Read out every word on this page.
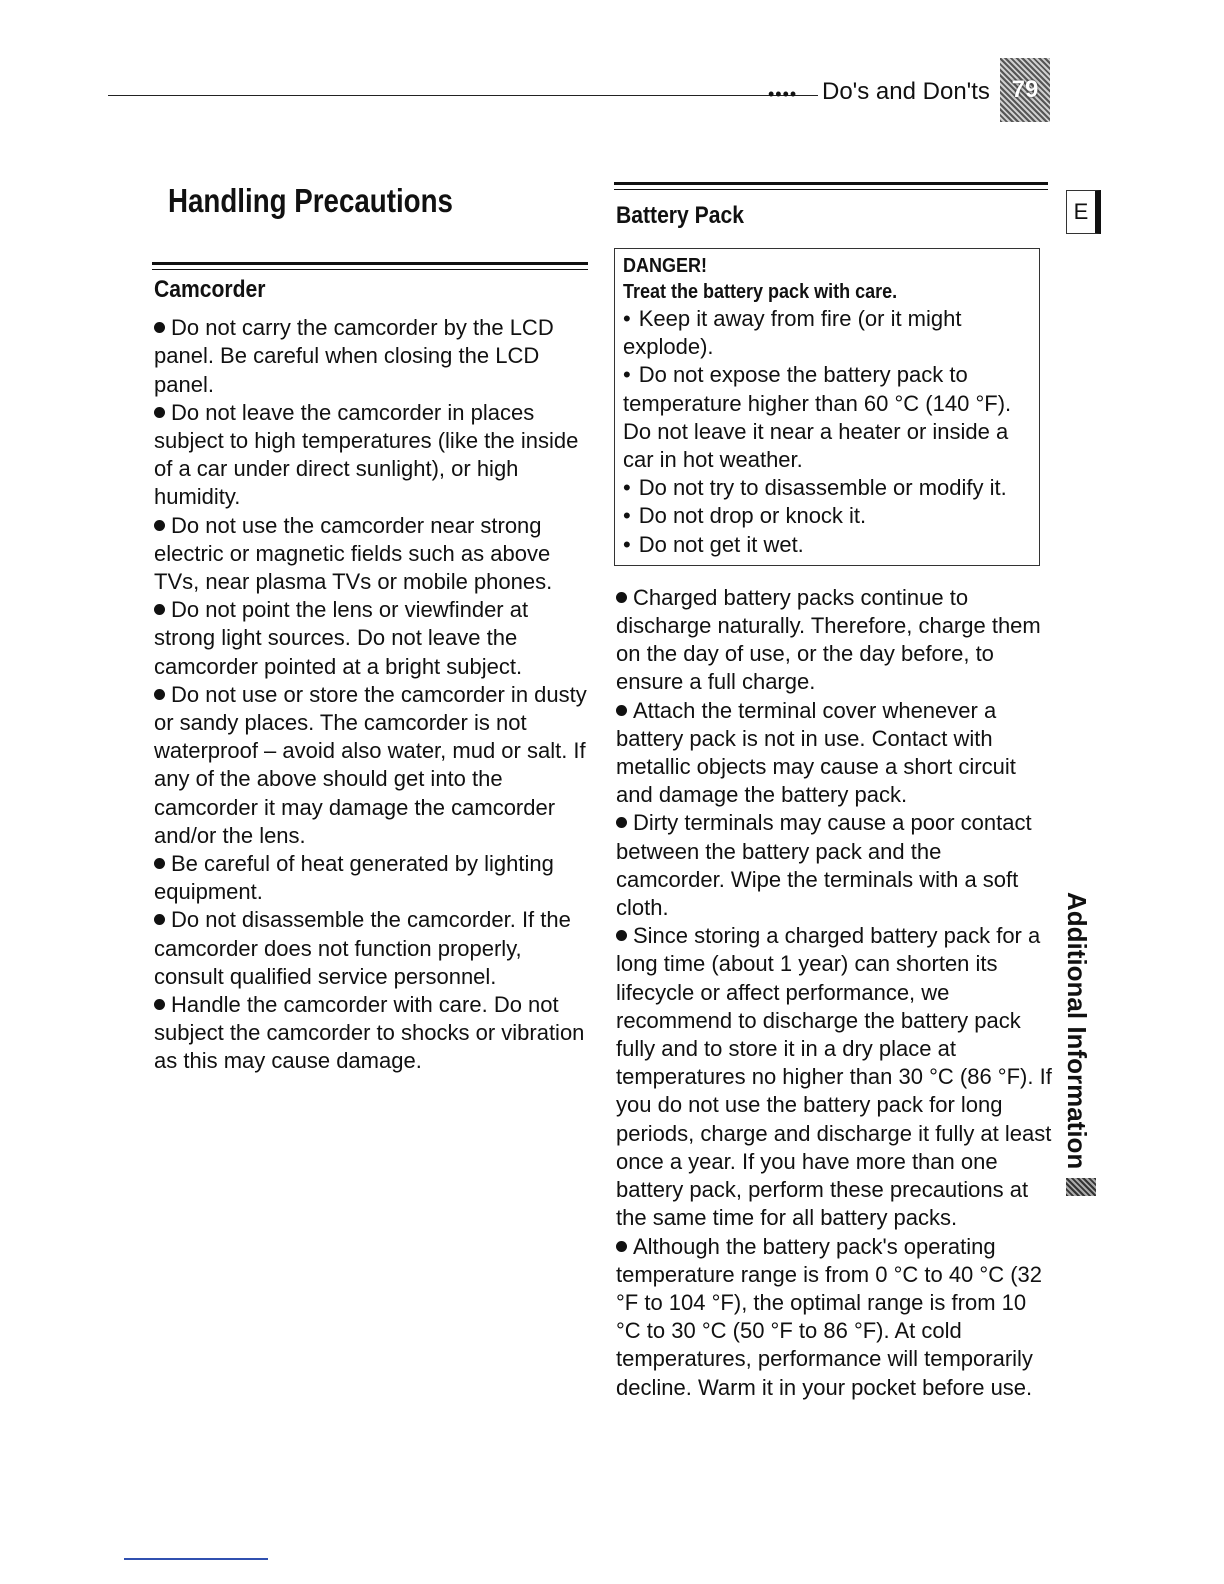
•••• Do's and Don'ts 79
Handling Precautions
Camcorder
Do not carry the camcorder by the LCD panel. Be careful when closing the LCD panel.
Do not leave the camcorder in places subject to high temperatures (like the inside of a car under direct sunlight), or high humidity.
Do not use the camcorder near strong electric or magnetic fields such as above TVs, near plasma TVs or mobile phones.
Do not point the lens or viewfinder at strong light sources. Do not leave the camcorder pointed at a bright subject.
Do not use or store the camcorder in dusty or sandy places. The camcorder is not waterproof – avoid also water, mud or salt. If any of the above should get into the camcorder it may damage the camcorder and/or the lens.
Be careful of heat generated by lighting equipment.
Do not disassemble the camcorder. If the camcorder does not function properly, consult qualified service personnel.
Handle the camcorder with care. Do not subject the camcorder to shocks or vibration as this may cause damage.
Battery Pack
DANGER!
Treat the battery pack with care.
• Keep it away from fire (or it might explode).
• Do not expose the battery pack to temperature higher than 60 °C (140 °F). Do not leave it near a heater or inside a car in hot weather.
• Do not try to disassemble or modify it.
• Do not drop or knock it.
• Do not get it wet.
Charged battery packs continue to discharge naturally. Therefore, charge them on the day of use, or the day before, to ensure a full charge.
Attach the terminal cover whenever a battery pack is not in use. Contact with metallic objects may cause a short circuit and damage the battery pack.
Dirty terminals may cause a poor contact between the battery pack and the camcorder. Wipe the terminals with a soft cloth.
Since storing a charged battery pack for a long time (about 1 year) can shorten its lifecycle or affect performance, we recommend to discharge the battery pack fully and to store it in a dry place at temperatures no higher than 30 °C (86 °F). If you do not use the battery pack for long periods, charge and discharge it fully at least once a year. If you have more than one battery pack, perform these precautions at the same time for all battery packs.
Although the battery pack's operating temperature range is from 0 °C to 40 °C (32 °F to 104 °F), the optimal range is from 10 °C to 30 °C (50 °F to 86 °F). At cold temperatures, performance will temporarily decline. Warm it in your pocket before use.
E
Additional Information
